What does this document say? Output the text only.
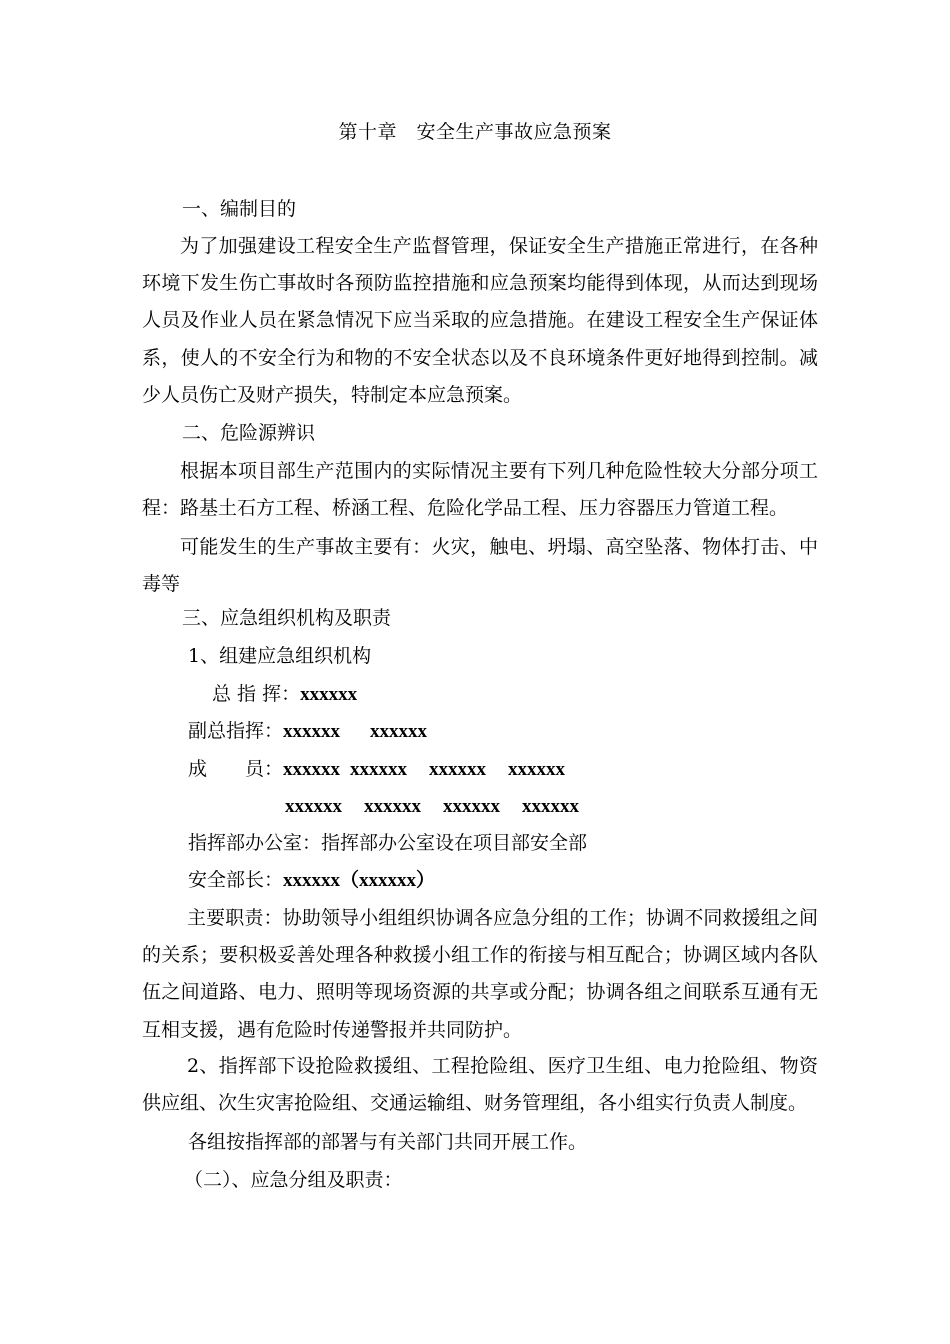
第十章　安全生产事故应急预案
一、编制目的
为了加强建设工程安全生产监督管理，保证安全生产措施正常进行，在各种环境下发生伤亡事故时各预防监控措施和应急预案均能得到体现，从而达到现场人员及作业人员在紧急情况下应当采取的应急措施。在建设工程安全生产保证体系，使人的不安全行为和物的不安全状态以及不良环境条件更好地得到控制。减少人员伤亡及财产损失，特制定本应急预案。
二、危险源辨识
根据本项目部生产范围内的实际情况主要有下列几种危险性较大分部分项工程：路基土石方工程、桥涵工程、危险化学品工程、压力容器压力管道工程。
可能发生的生产事故主要有：火灾，触电、坍塌、高空坠落、物体打击、中毒等
三、应急组织机构及职责
1、组建应急组织机构
总 指 挥：xxxxxx
副总指挥：xxxxxx xxxxxx
成　　员：xxxxxx xxxxxx xxxxxx xxxxxx
xxxxxx xxxxxx xxxxxx xxxxxx
指挥部办公室：指挥部办公室设在项目部安全部
安全部长：xxxxxx（xxxxxx）
主要职责：协助领导小组组织协调各应急分组的工作；协调不同救援组之间的关系；要积极妥善处理各种救援小组工作的衔接与相互配合；协调区域内各队伍之间道路、电力、照明等现场资源的共享或分配；协调各组之间联系互通有无互相支援，遇有危险时传递警报并共同防护。
2、指挥部下设抢险救援组、工程抢险组、医疗卫生组、电力抢险组、物资供应组、次生灾害抢险组、交通运输组、财务管理组，各小组实行负责人制度。
各组按指挥部的部署与有关部门共同开展工作。
（二）、应急分组及职责：
